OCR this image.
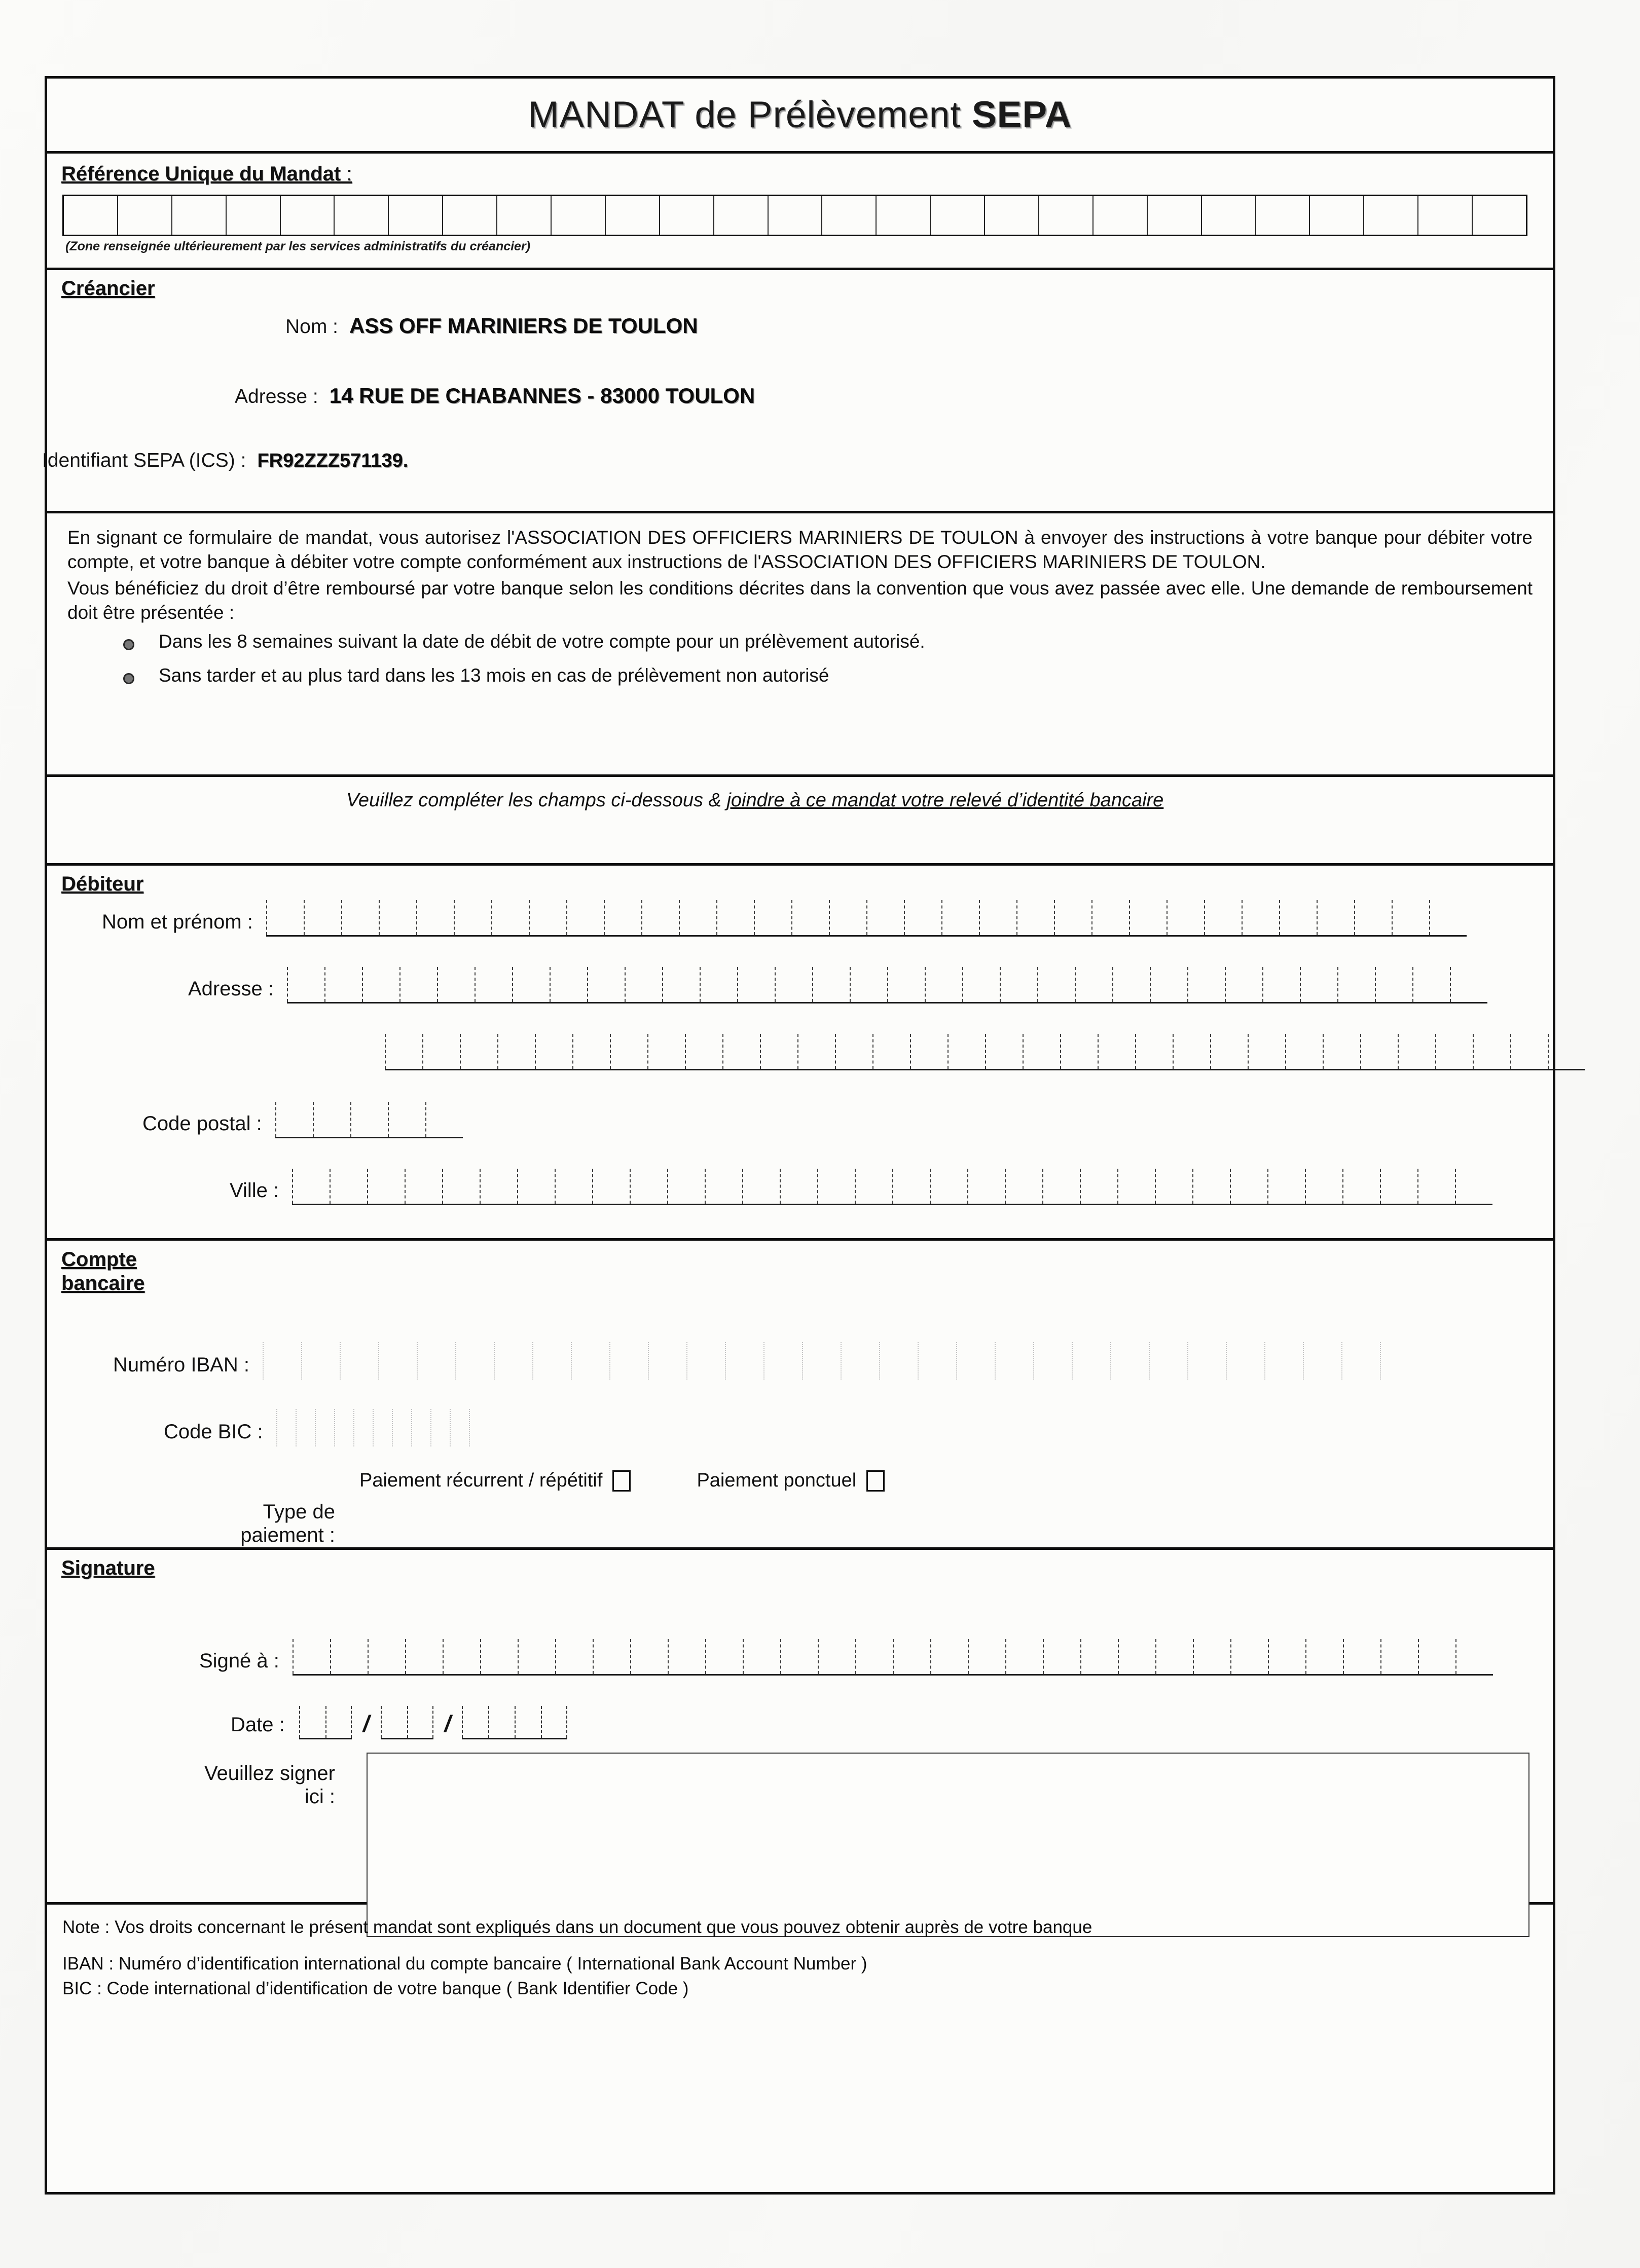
MANDAT de Prélèvement SEPA
Référence Unique du Mandat :
(Zone renseignée ultérieurement par les services administratifs du créancier)
Créancier
Nom : ASS OFF MARINIERS DE TOULON
Adresse : 14 RUE DE CHABANNES - 83000 TOULON
Identifiant SEPA (ICS) : FR92ZZZ571139.

En signant ce formulaire de mandat, vous autorisez l'ASSOCIATION DES OFFICIERS MARINIERS DE TOULON à envoyer des instructions à votre banque pour débiter votre compte, et votre banque à débiter votre compte conformément aux instructions de l'ASSOCIATION DES OFFICIERS MARINIERS DE TOULON.

Vous bénéficiez du droit d’être remboursé par votre banque selon les conditions décrites dans la convention que vous avez passée avec elle. Une demande de remboursement doit être présentée :

Dans les 8 semaines suivant la date de débit de votre compte pour un prélèvement autorisé.
Sans tarder et au plus tard dans les 13 mois en cas de prélèvement non autorisé
Veuillez compléter les champs ci-dessous & joindre à ce mandat votre relevé d’identité bancaire
Débiteur
Nom et prénom :
Adresse :
Code postal :
Ville :
Compte
bancaire
Numéro IBAN :
Code BIC :
Paiement récurrent / répétitif	Paiement ponctuel
Type de
paiement :
Signature
Signé à :
Date :	/	/
Veuillez signer
ici :

Note : Vos droits concernant le présent mandat sont expliqués dans un document que vous pouvez obtenir auprès de votre banque

IBAN : Numéro d’identification international du compte bancaire ( International Bank Account Number )

BIC : Code international d’identification de votre banque ( Bank Identifier Code )
